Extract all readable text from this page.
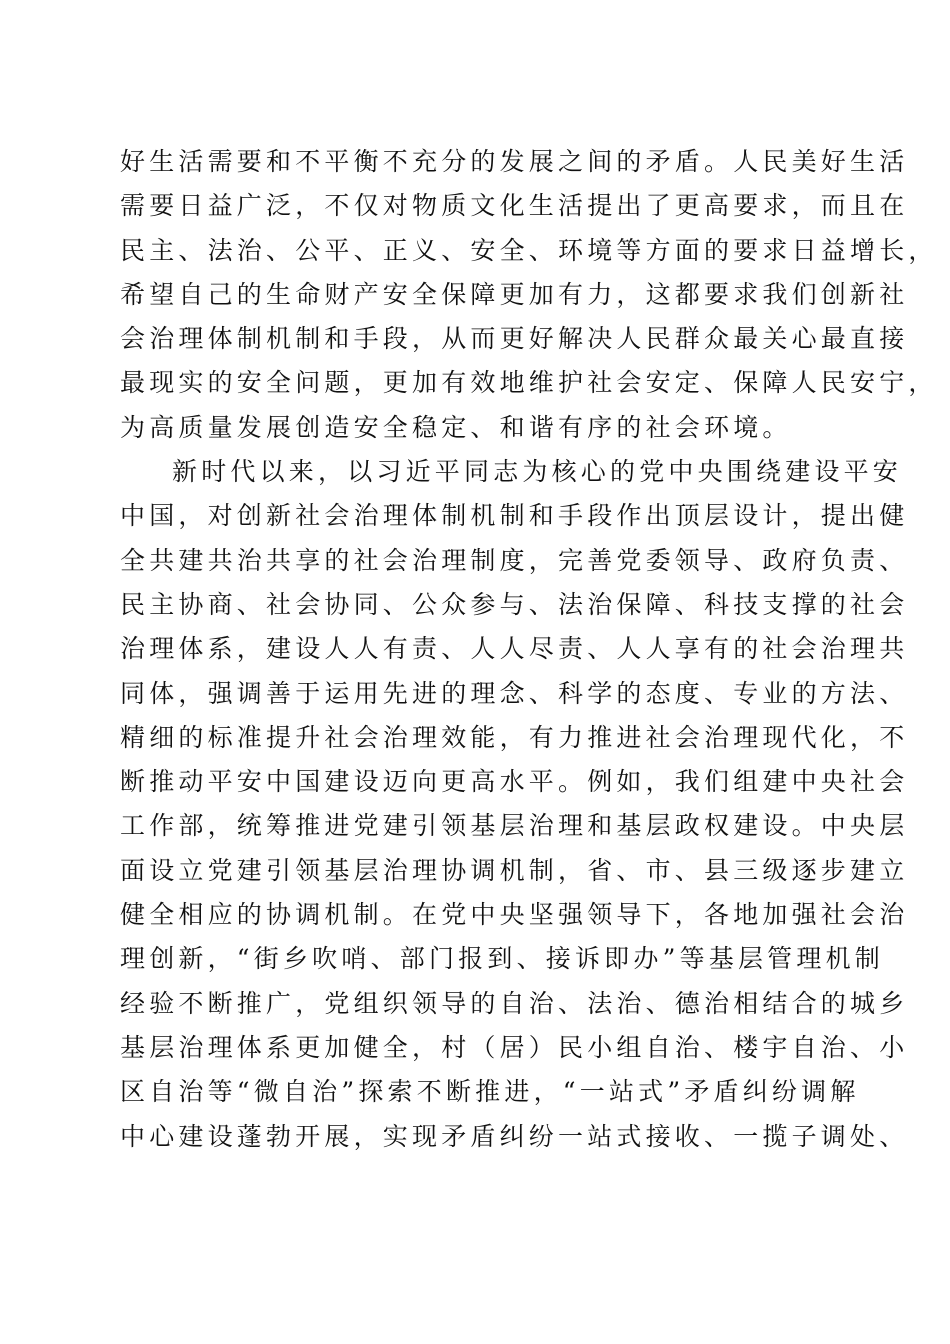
好生活需要和不平衡不充分的发展之间的矛盾。人民美好生活
需要日益广泛，不仅对物质文化生活提出了更高要求，而且在
民主、法治、公平、正义、安全、环境等方面的要求日益增长，
希望自己的生命财产安全保障更加有力，这都要求我们创新社
会治理体制机制和手段，从而更好解决人民群众最关心最直接
最现实的安全问题，更加有效地维护社会安定、保障人民安宁，
为高质量发展创造安全稳定、和谐有序的社会环境。
新时代以来，以习近平同志为核心的党中央围绕建设平安
中国，对创新社会治理体制机制和手段作出顶层设计，提出健
全共建共治共享的社会治理制度，完善党委领导、政府负责、
民主协商、社会协同、公众参与、法治保障、科技支撑的社会
治理体系，建设人人有责、人人尽责、人人享有的社会治理共
同体，强调善于运用先进的理念、科学的态度、专业的方法、
精细的标准提升社会治理效能，有力推进社会治理现代化，不
断推动平安中国建设迈向更高水平。例如，我们组建中央社会
工作部，统筹推进党建引领基层治理和基层政权建设。中央层
面设立党建引领基层治理协调机制，省、市、县三级逐步建立
健全相应的协调机制。在党中央坚强领导下，各地加强社会治
理创新，“街乡吹哨、部门报到、接诉即办”等基层管理机制
经验不断推广，党组织领导的自治、法治、德治相结合的城乡
基层治理体系更加健全，村（居）民小组自治、楼宇自治、小
区自治等“微自治”探索不断推进，“一站式”矛盾纠纷调解
中心建设蓬勃开展，实现矛盾纠纷一站式接收、一揽子调处、
